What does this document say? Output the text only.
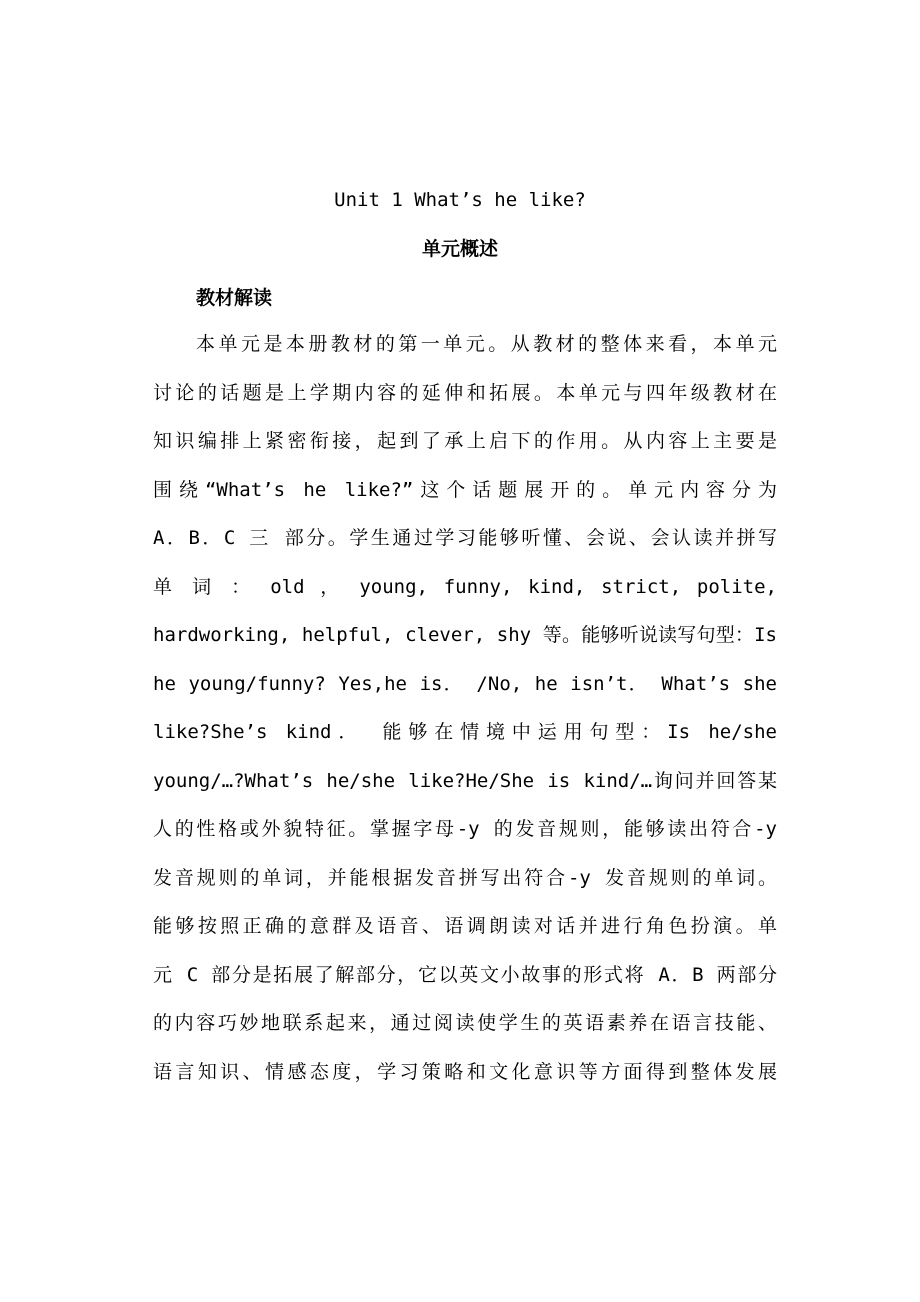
Unit 1 What’s he like?
单元概述
教材解读
本单元是本册教材的第一单元。从教材的整体来看，本单元
讨论的话题是上学期内容的延伸和拓展。本单元与四年级教材在
知识编排上紧密衔接，起到了承上启下的作用。从内容上主要是
围绕“What’s he like?”这个话题展开的。单元内容分为
A．B．C 三 部分。学生通过学习能够听懂、会说、会认读并拼写
单 词 ： old ， young, funny, kind, strict, polite,
hardworking, helpful, clever, shy 等。能够听说读写句型：Is
he young/funny? Yes,he is． /No, he isn’t． What’s she
like?She’s kind． 能够在情境中运用句型：Is he/she
young/…?What’s he/she like?He/She is kind/…询问并回答某
人的性格或外貌特征。掌握字母-y 的发音规则，能够读出符合-y
发音规则的单词，并能根据发音拼写出符合-y 发音规则的单词。
能够按照正确的意群及语音、语调朗读对话并进行角色扮演。单
元 C 部分是拓展了解部分，它以英文小故事的形式将 A．B 两部分
的内容巧妙地联系起来，通过阅读使学生的英语素养在语言技能、
语言知识、情感态度，学习策略和文化意识等方面得到整体发展
